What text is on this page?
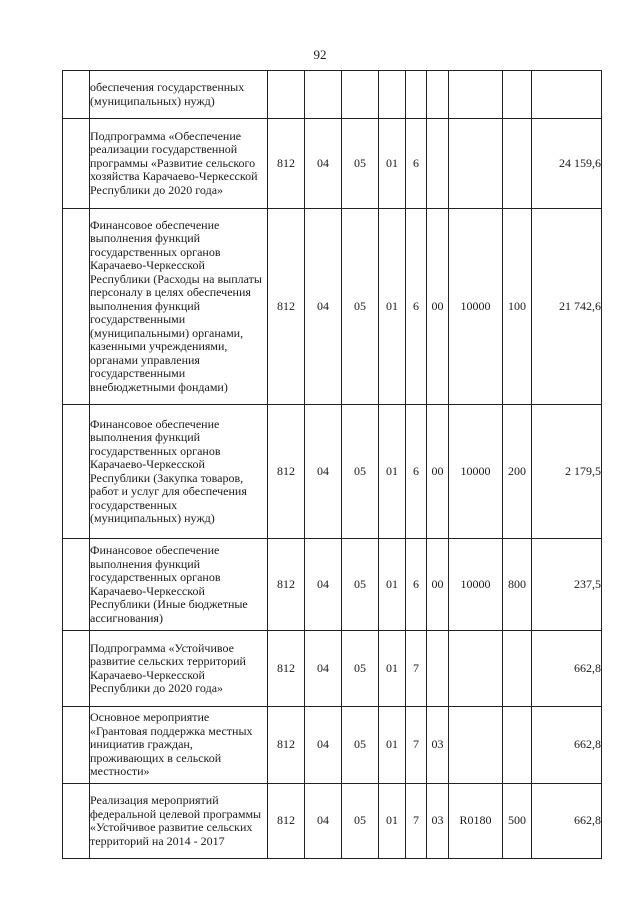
92
	обеспечения государственных (муниципальных) нужд)									
	Подпрограмма «Обеспечение реализации государственной программы «Развитие сельского хозяйства Карачаево-Черкесской Республики до 2020 года»	812	04	05	01	6				24 159,6
	Финансовое обеспечение выполнения функций государственных органов Карачаево-Черкесской Республики (Расходы на выплаты персоналу в целях обеспечения выполнения функций государственными (муниципальными) органами, казенными учреждениями, органами управления государственными внебюджетными фондами)	812	04	05	01	6	00	10000	100	21 742,6
	Финансовое обеспечение выполнения функций государственных органов Карачаево-Черкесской Республики (Закупка товаров, работ и услуг для обеспечения государственных (муниципальных) нужд)	812	04	05	01	6	00	10000	200	2 179,5
	Финансовое обеспечение выполнения функций государственных органов Карачаево-Черкесской Республики (Иные бюджетные ассигнования)	812	04	05	01	6	00	10000	800	237,5
	Подпрограмма «Устойчивое развитие сельских территорий Карачаево-Черкесской Республики до 2020 года»	812	04	05	01	7				662,8
	Основное мероприятие «Грантовая поддержка местных инициатив граждан, проживающих в сельской местности»	812	04	05	01	7	03			662,8
	Реализация мероприятий федеральной целевой программы «Устойчивое развитие сельских территорий на 2014 - 2017	812	04	05	01	7	03	R0180	500	662,8
